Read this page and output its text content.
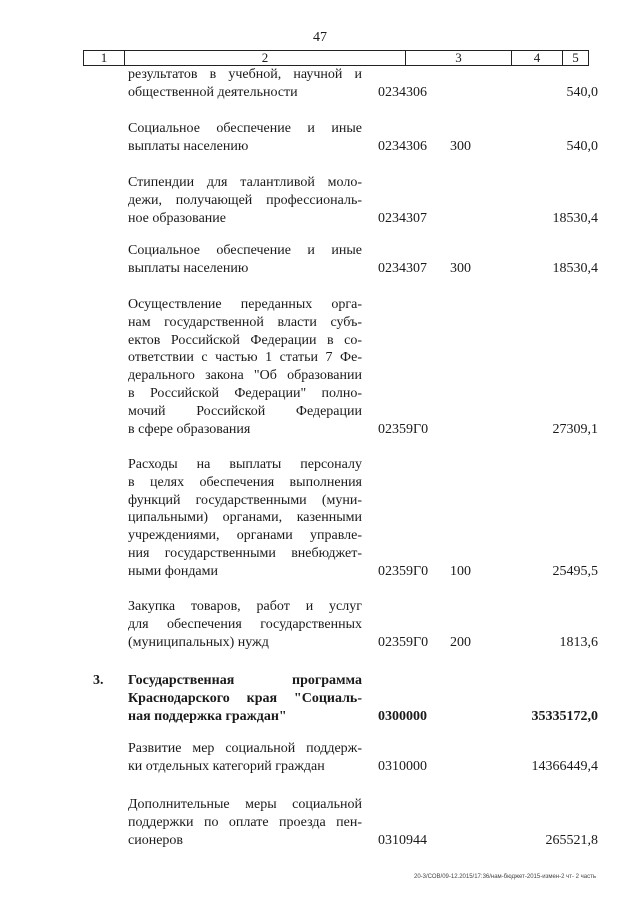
47
1	2	3	4	5
результатов в учебной, научной и
общественной деятельности	0234306	540,0
Социальное обеспечение и иные
выплаты населению	0234306 300	540,0
Стипендии для талантливой моло-
дежи, получающей профессиональ-
ное образование	0234307	18530,4
Социальное обеспечение и иные
выплаты населению	0234307 300	18530,4
Осуществление переданных орга-
нам государственной власти субъ-
ектов Российской Федерации в со-
ответствии с частью 1 статьи 7 Фе-
дерального закона "Об образовании
в Российской Федерации" полно-
мочий Российской Федерации
в сфере образования	02359Г0	27309,1
Расходы на выплаты персоналу
в целях обеспечения выполнения
функций государственными (муни-
ципальными) органами, казенными
учреждениями, органами управле-
ния государственными внебюджет-
ными фондами	02359Г0 100	25495,5
Закупка товаров, работ и услуг
для обеспечения государственных
(муниципальных) нужд	02359Г0 200	1813,6
3. Государственная программа
Краснодарского края "Социаль-
ная поддержка граждан"	0300000	35335172,0
Развитие мер социальной поддерж-
ки отдельных категорий граждан	0310000	14366449,4
Дополнительные меры социальной
поддержки по оплате проезда пен-
сионеров	0310944	265521,8
20-3/СОВ/09-12.2015/17:36/нам-бюджет-2015-измен-2 чт- 2 часть
